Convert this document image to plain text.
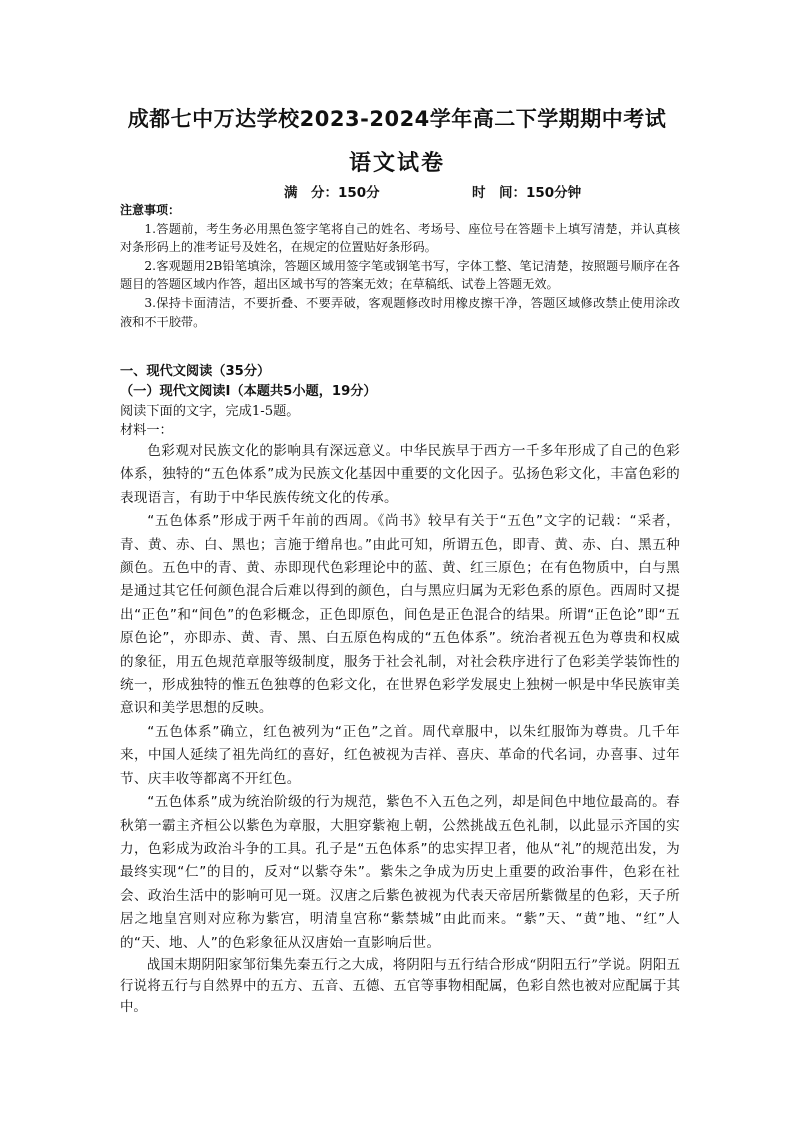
成都七中万达学校2023-2024学年高二下学期期中考试
语文试卷
满　分：150分	时　间：150分钟
注意事项：

1.答题前，考生务必用黑色签字笔将自己的姓名、考场号、座位号在答题卡上填写清楚，并认真核对条形码上的准考证号及姓名，在规定的位置贴好条形码。

2.客观题用2B铅笔填涂，答题区域用签字笔或钢笔书写，字体工整、笔记清楚，按照题号顺序在各题目的答题区域内作答，超出区域书写的答案无效；在草稿纸、试卷上答题无效。

3.保持卡面清洁，不要折叠、不要弄破，客观题修改时用橡皮擦干净，答题区域修改禁止使用涂改液和不干胶带。

一、现代文阅读（35分）
（一）现代文阅读Ⅰ（本题共5小题，19分）
阅读下面的文字，完成1-5题。
材料一：

色彩观对民族文化的影响具有深远意义。中华民族早于西方一千多年形成了自己的色彩体系，独特的“五色体系”成为民族文化基因中重要的文化因子。弘扬色彩文化，丰富色彩的表现语言，有助于中华民族传统文化的传承。

“五色体系”形成于两千年前的西周。《尚书》较早有关于“五色”文字的记载：“采者，青、黄、赤、白、黑也；言施于缯帛也。”由此可知，所谓五色，即青、黄、赤、白、黑五种颜色。五色中的青、黄、赤即现代色彩理论中的蓝、黄、红三原色；在有色物质中，白与黑是通过其它任何颜色混合后难以得到的颜色，白与黑应归属为无彩色系的原色。西周时又提出“正色”和“间色”的色彩概念，正色即原色，间色是正色混合的结果。所谓“正色论”即“五原色论”，亦即赤、黄、青、黑、白五原色构成的“五色体系”。统治者视五色为尊贵和权威的象征，用五色规范章服等级制度，服务于社会礼制，对社会秩序进行了色彩美学装饰性的统一，形成独特的惟五色独尊的色彩文化，在世界色彩学发展史上独树一帜是中华民族审美意识和美学思想的反映。

“五色体系”确立，红色被列为“正色”之首。周代章服中，以朱红服饰为尊贵。几千年来，中国人延续了祖先尚红的喜好，红色被视为吉祥、喜庆、革命的代名词，办喜事、过年节、庆丰收等都离不开红色。

“五色体系”成为统治阶级的行为规范，紫色不入五色之列，却是间色中地位最高的。春秋第一霸主齐桓公以紫色为章服，大胆穿紫袍上朝，公然挑战五色礼制，以此显示齐国的实力，色彩成为政治斗争的工具。孔子是“五色体系”的忠实捍卫者，他从“礼”的规范出发，为最终实现“仁”的目的，反对“以紫夺朱”。紫朱之争成为历史上重要的政治事件，色彩在社会、政治生活中的影响可见一斑。汉唐之后紫色被视为代表天帝居所紫微星的色彩，天子所居之地皇宫则对应称为紫宫，明清皇宫称“紫禁城”由此而来。“紫”天、“黄”地、“红”人的“天、地、人”的色彩象征从汉唐始一直影响后世。

战国末期阴阳家邹衍集先秦五行之大成，将阴阳与五行结合形成“阴阳五行”学说。阴阳五行说将五行与自然界中的五方、五音、五德、五官等事物相配属，色彩自然也被对应配属于其中。
